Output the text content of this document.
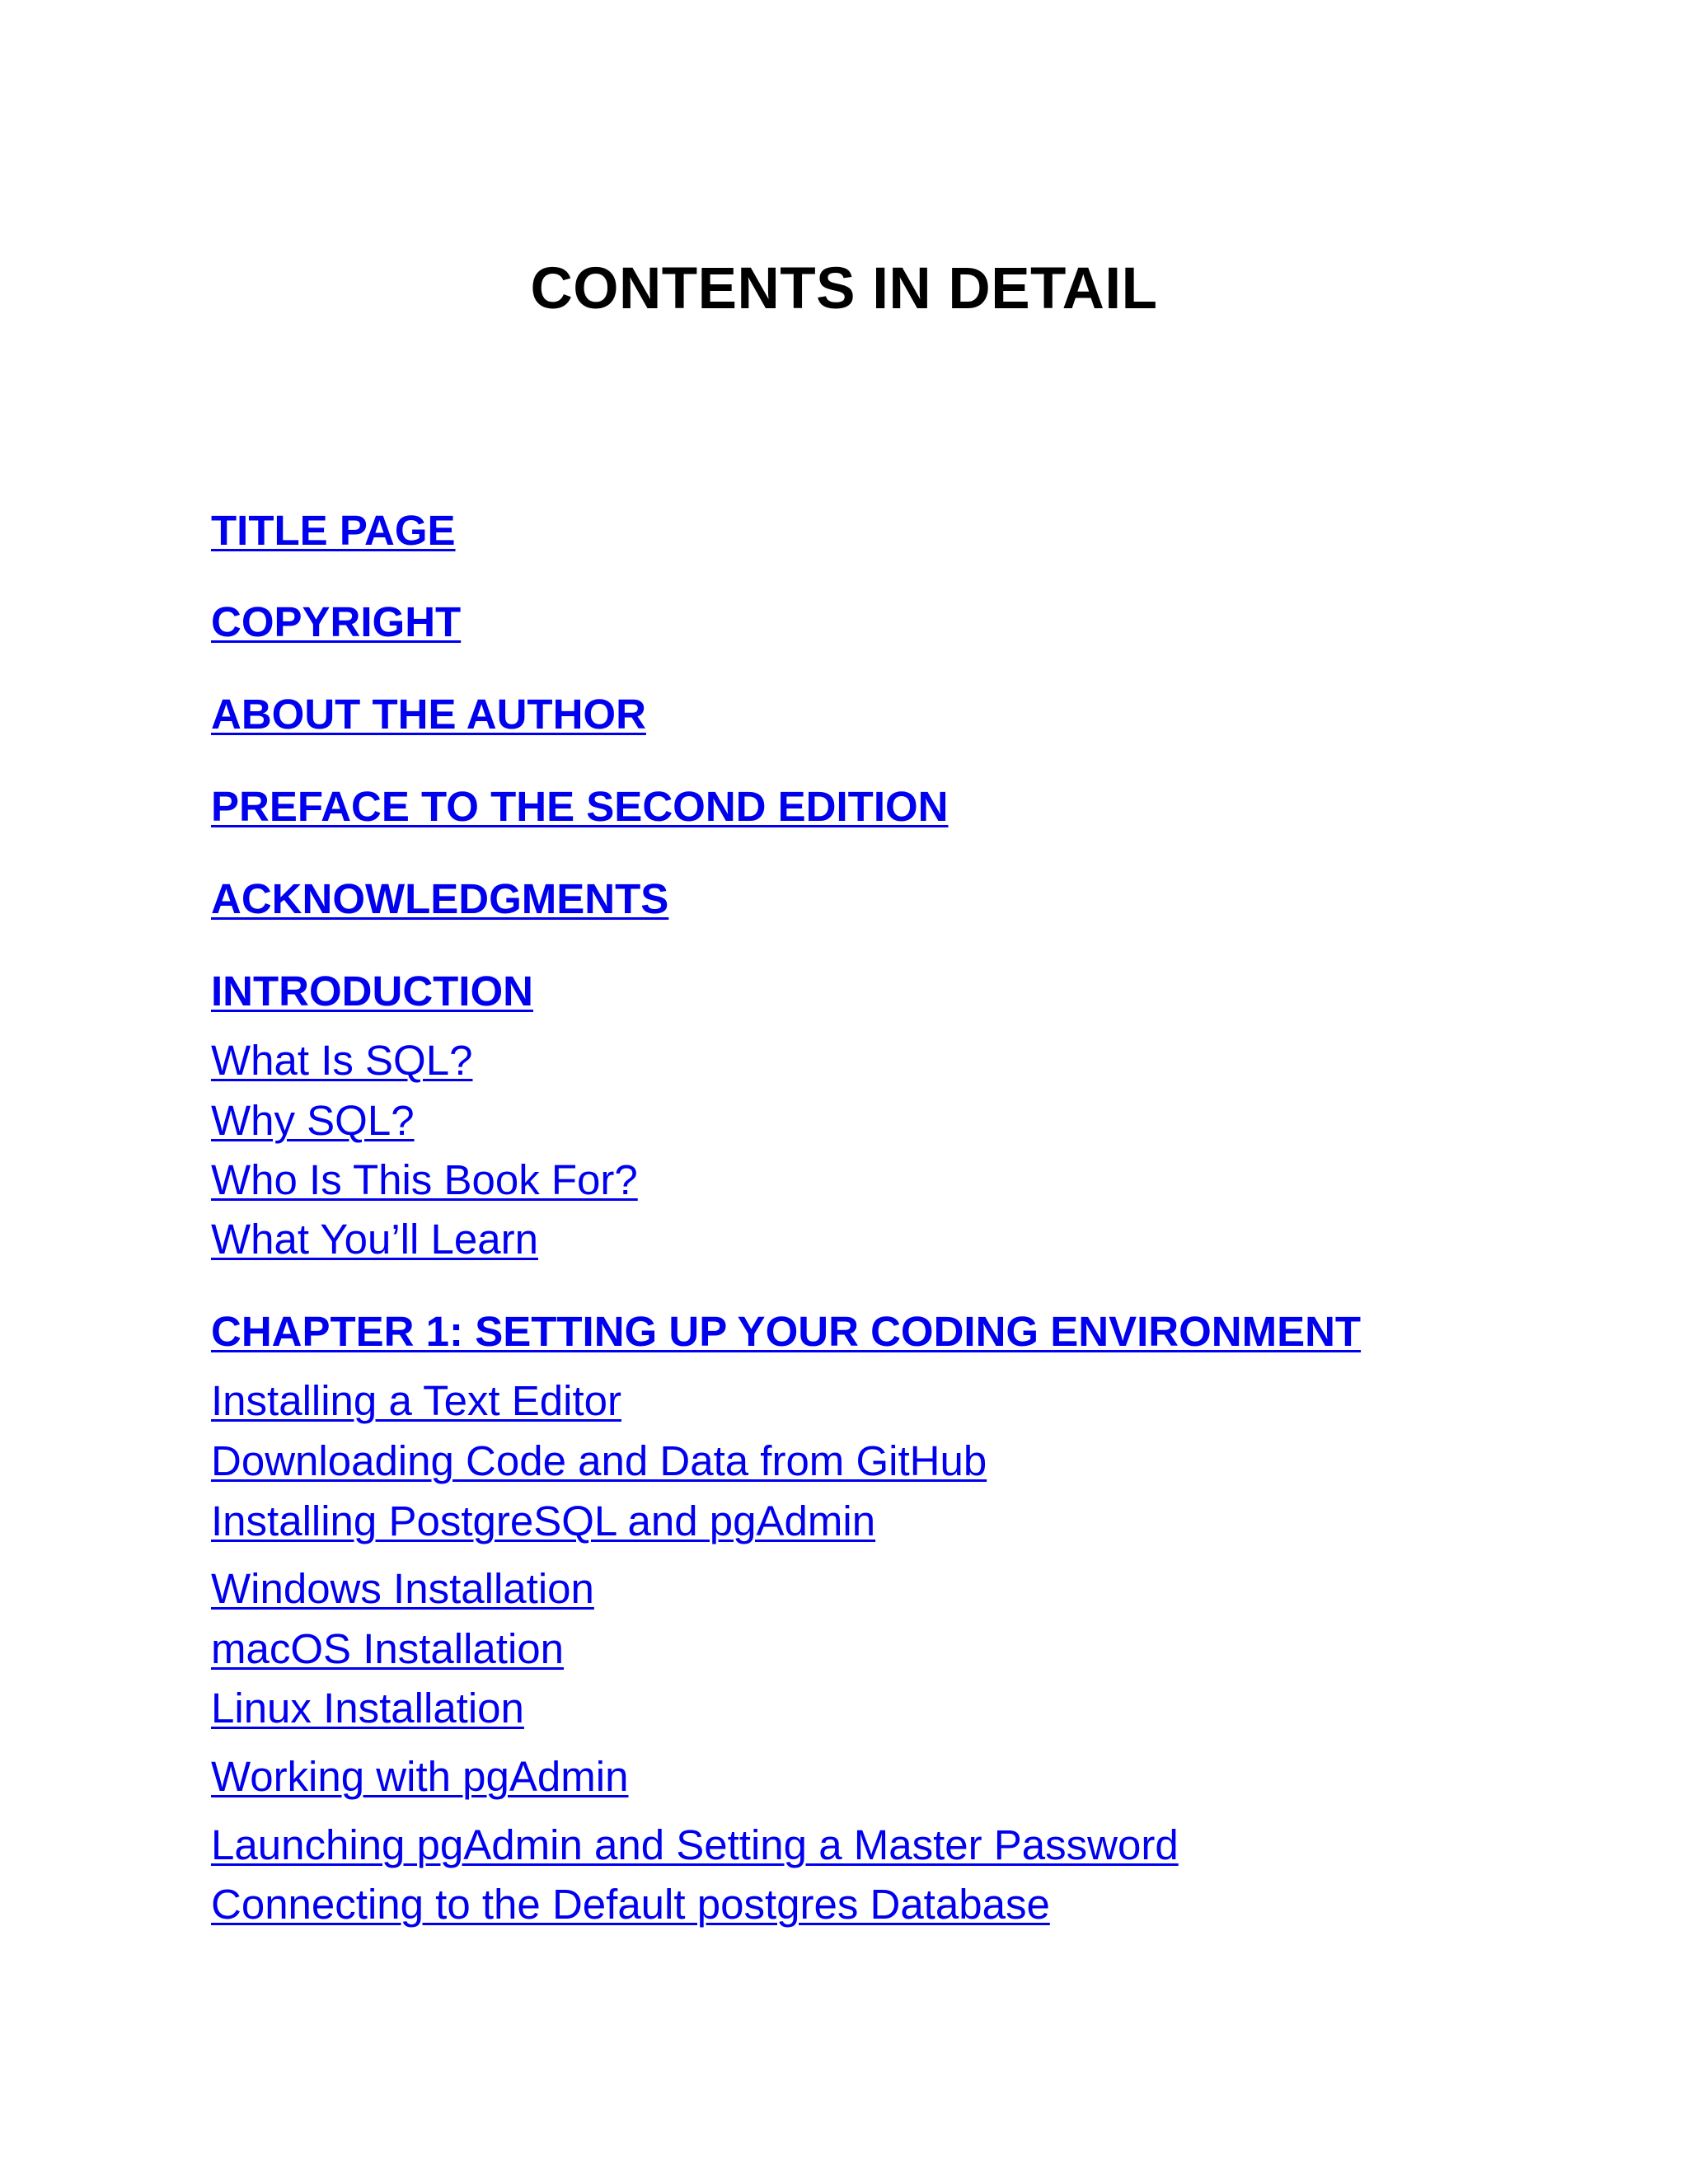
CONTENTS IN DETAIL
TITLE PAGE
COPYRIGHT
ABOUT THE AUTHOR
PREFACE TO THE SECOND EDITION
ACKNOWLEDGMENTS
INTRODUCTION
What Is SQL?
Why SQL?
Who Is This Book For?
What You’ll Learn
CHAPTER 1: SETTING UP YOUR CODING ENVIRONMENT
Installing a Text Editor
Downloading Code and Data from GitHub
Installing PostgreSQL and pgAdmin
Windows Installation
macOS Installation
Linux Installation
Working with pgAdmin
Launching pgAdmin and Setting a Master Password
Connecting to the Default postgres Database
